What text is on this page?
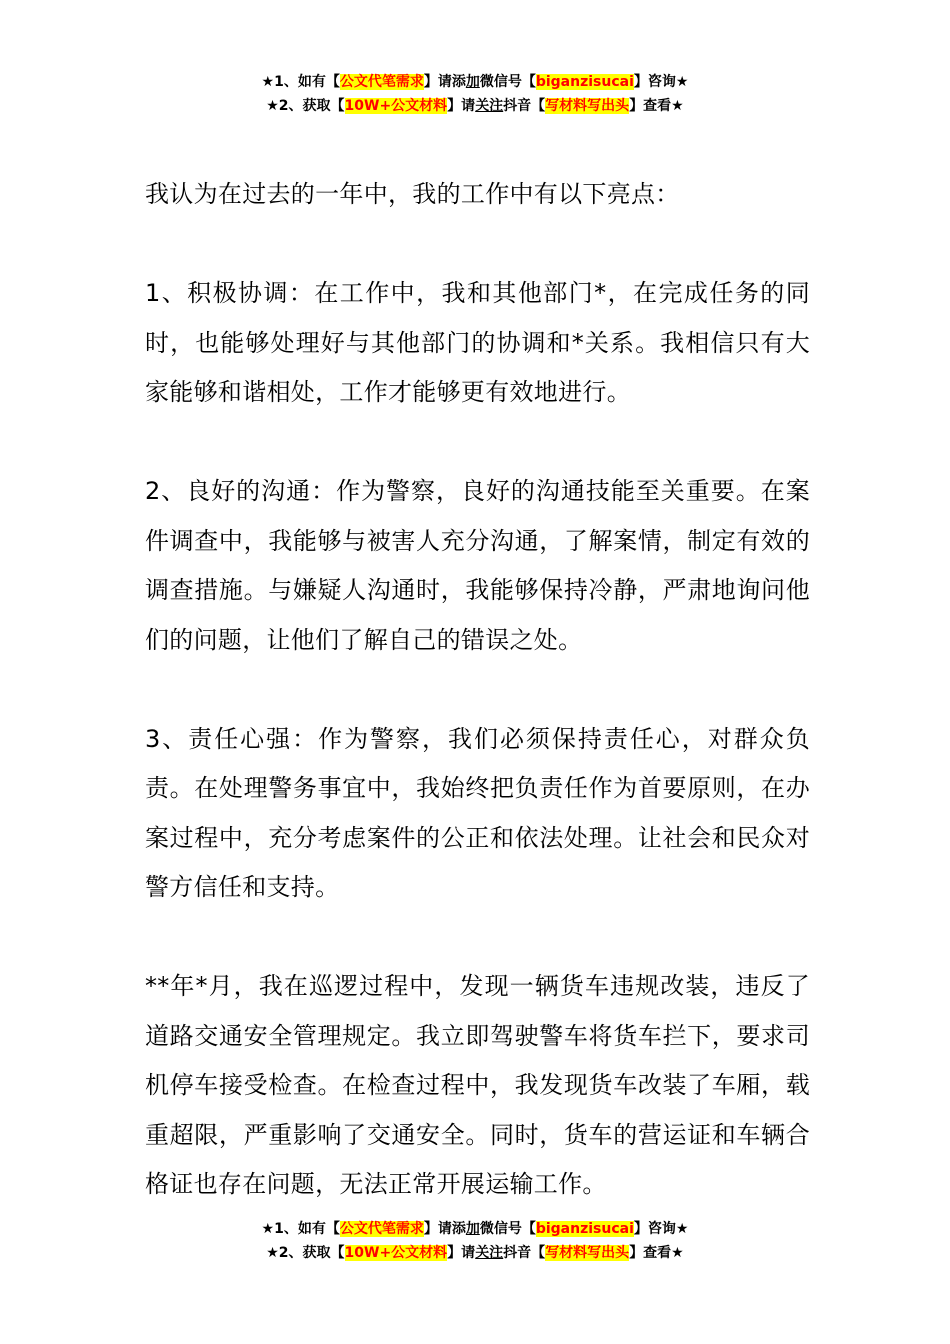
★1、如有【公文代笔需求】请添加微信号【biganzisucai】咨询★
★2、获取【10W+公文材料】请关注抖音【写材料写出头】查看★

我认为在过去的一年中，我的工作中有以下亮点：

1、积极协调：在工作中，我和其他部门*，在完成任务的同时，也能够处理好与其他部门的协调和*关系。我相信只有大家能够和谐相处，工作才能够更有效地进行。

2、良好的沟通：作为警察，良好的沟通技能至关重要。在案件调查中，我能够与被害人充分沟通，了解案情，制定有效的调查措施。与嫌疑人沟通时，我能够保持冷静，严肃地询问他们的问题，让他们了解自己的错误之处。

3、责任心强：作为警察，我们必须保持责任心，对群众负责。在处理警务事宜中，我始终把负责任作为首要原则，在办案过程中，充分考虑案件的公正和依法处理。让社会和民众对警方信任和支持。

**年*月，我在巡逻过程中，发现一辆货车违规改装，违反了道路交通安全管理规定。我立即驾驶警车将货车拦下，要求司机停车接受检查。在检查过程中，我发现货车改装了车厢，载重超限，严重影响了交通安全。同时，货车的营运证和车辆合格证也存在问题，无法正常开展运输工作。

★1、如有【公文代笔需求】请添加微信号【biganzisucai】咨询★
★2、获取【10W+公文材料】请关注抖音【写材料写出头】查看★
